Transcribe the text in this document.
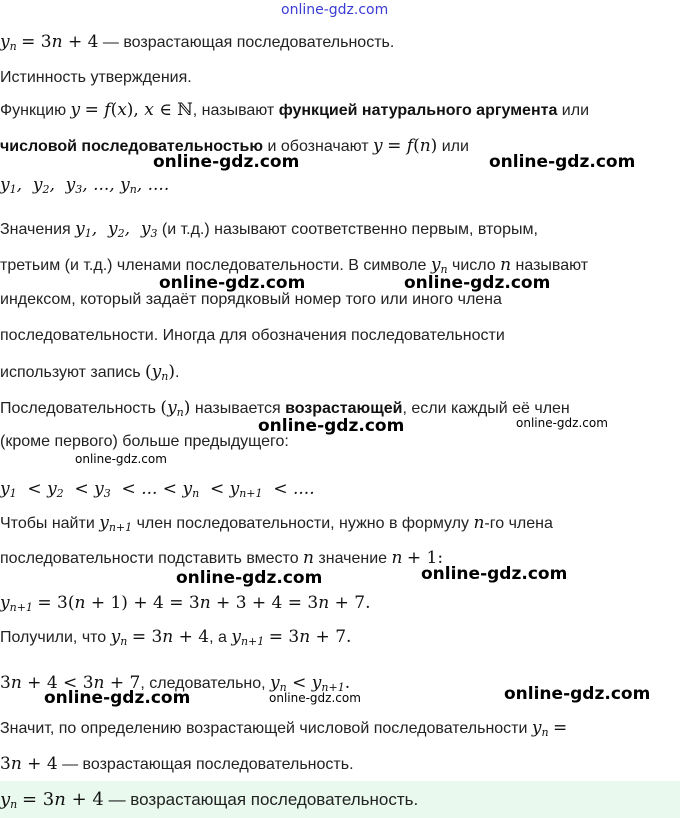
$y_n = 3n + 4$ — возрастающая последовательность.
Истинность утверждения.
Функцию y = f(x), x ∈ ℕ, называют функцией натурального аргумента или
числовой последовательностью и обозначают y = f(n) или
$y_1$,  $y_2$,  $y_3$, ..., $y_n$, ....
Значения $y_1$,  $y_2$,  $y_3$ (и т.д.) называют соответственно первым, вторым,
третьим (и т.д.) членами последовательности. В символе $y_n$ число n называют
индексом, который задаёт порядковый номер того или иного члена
последовательности. Иногда для обозначения последовательности
используют запись $(y_n)$.
Последовательность $(y_n)$ называется возрастающей, если каждый её член
(кроме первого) больше предыдущего:
$y_1 < y_2 < y_3$  < ... < $y_n < y_{n+1}$  < ....
Чтобы найти $y_{n+1}$ член последовательности, нужно в формулу n-го члена
последовательности подставить вместо n значение n + 1:
$y_{n+1} = 3(n + 1) + 4 = 3n + 3 + 4 = 3n + 7$.
Получили, что $y_n = 3n + 4$, а $y_{n+1} = 3n + 7$.
3n + 4 < 3n + 7, следовательно, $y_n < y_{n+1}$.
Значит, по определению возрастающей числовой последовательности $y_n$ =
3n + 4 — возрастающая последовательность.
$y_n = 3n + 4$ — возрастающая последовательность.
online-gdz.com
online-gdz.com	online-gdz.com
online-gdz.com	online-gdz.com
online-gdz.com	online-gdz.com
online-gdz.com
online-gdz.com	online-gdz.com
online-gdz.com	online-gdz.com	online-gdz.com
